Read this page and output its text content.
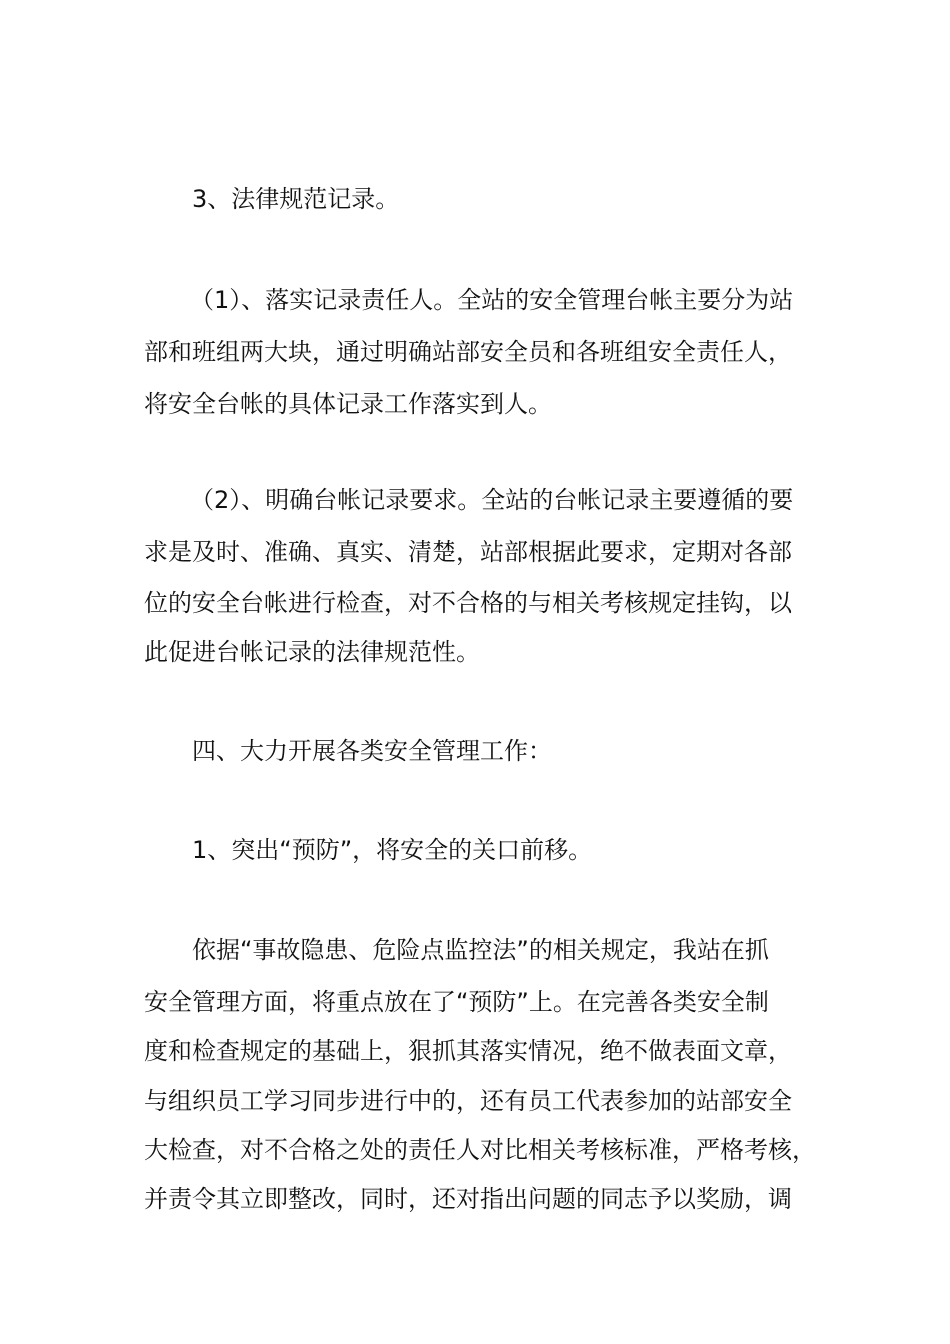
3、法律规范记录。
（1）、落实记录责任人。全站的安全管理台帐主要分为站
部和班组两大块，通过明确站部安全员和各班组安全责任人，
将安全台帐的具体记录工作落实到人。
（2）、明确台帐记录要求。全站的台帐记录主要遵循的要
求是及时、准确、真实、清楚，站部根据此要求，定期对各部
位的安全台帐进行检查，对不合格的与相关考核规定挂钩，以
此促进台帐记录的法律规范性。
四、大力开展各类安全管理工作：
1、突出“预防”，将安全的关口前移。
依据“事故隐患、危险点监控法”的相关规定，我站在抓
安全管理方面，将重点放在了“预防”上。在完善各类安全制
度和检查规定的基础上，狠抓其落实情况，绝不做表面文章，
与组织员工学习同步进行中的，还有员工代表参加的站部安全
大检查，对不合格之处的责任人对比相关考核标准，严格考核，
并责令其立即整改，同时，还对指出问题的同志予以奖励，调
